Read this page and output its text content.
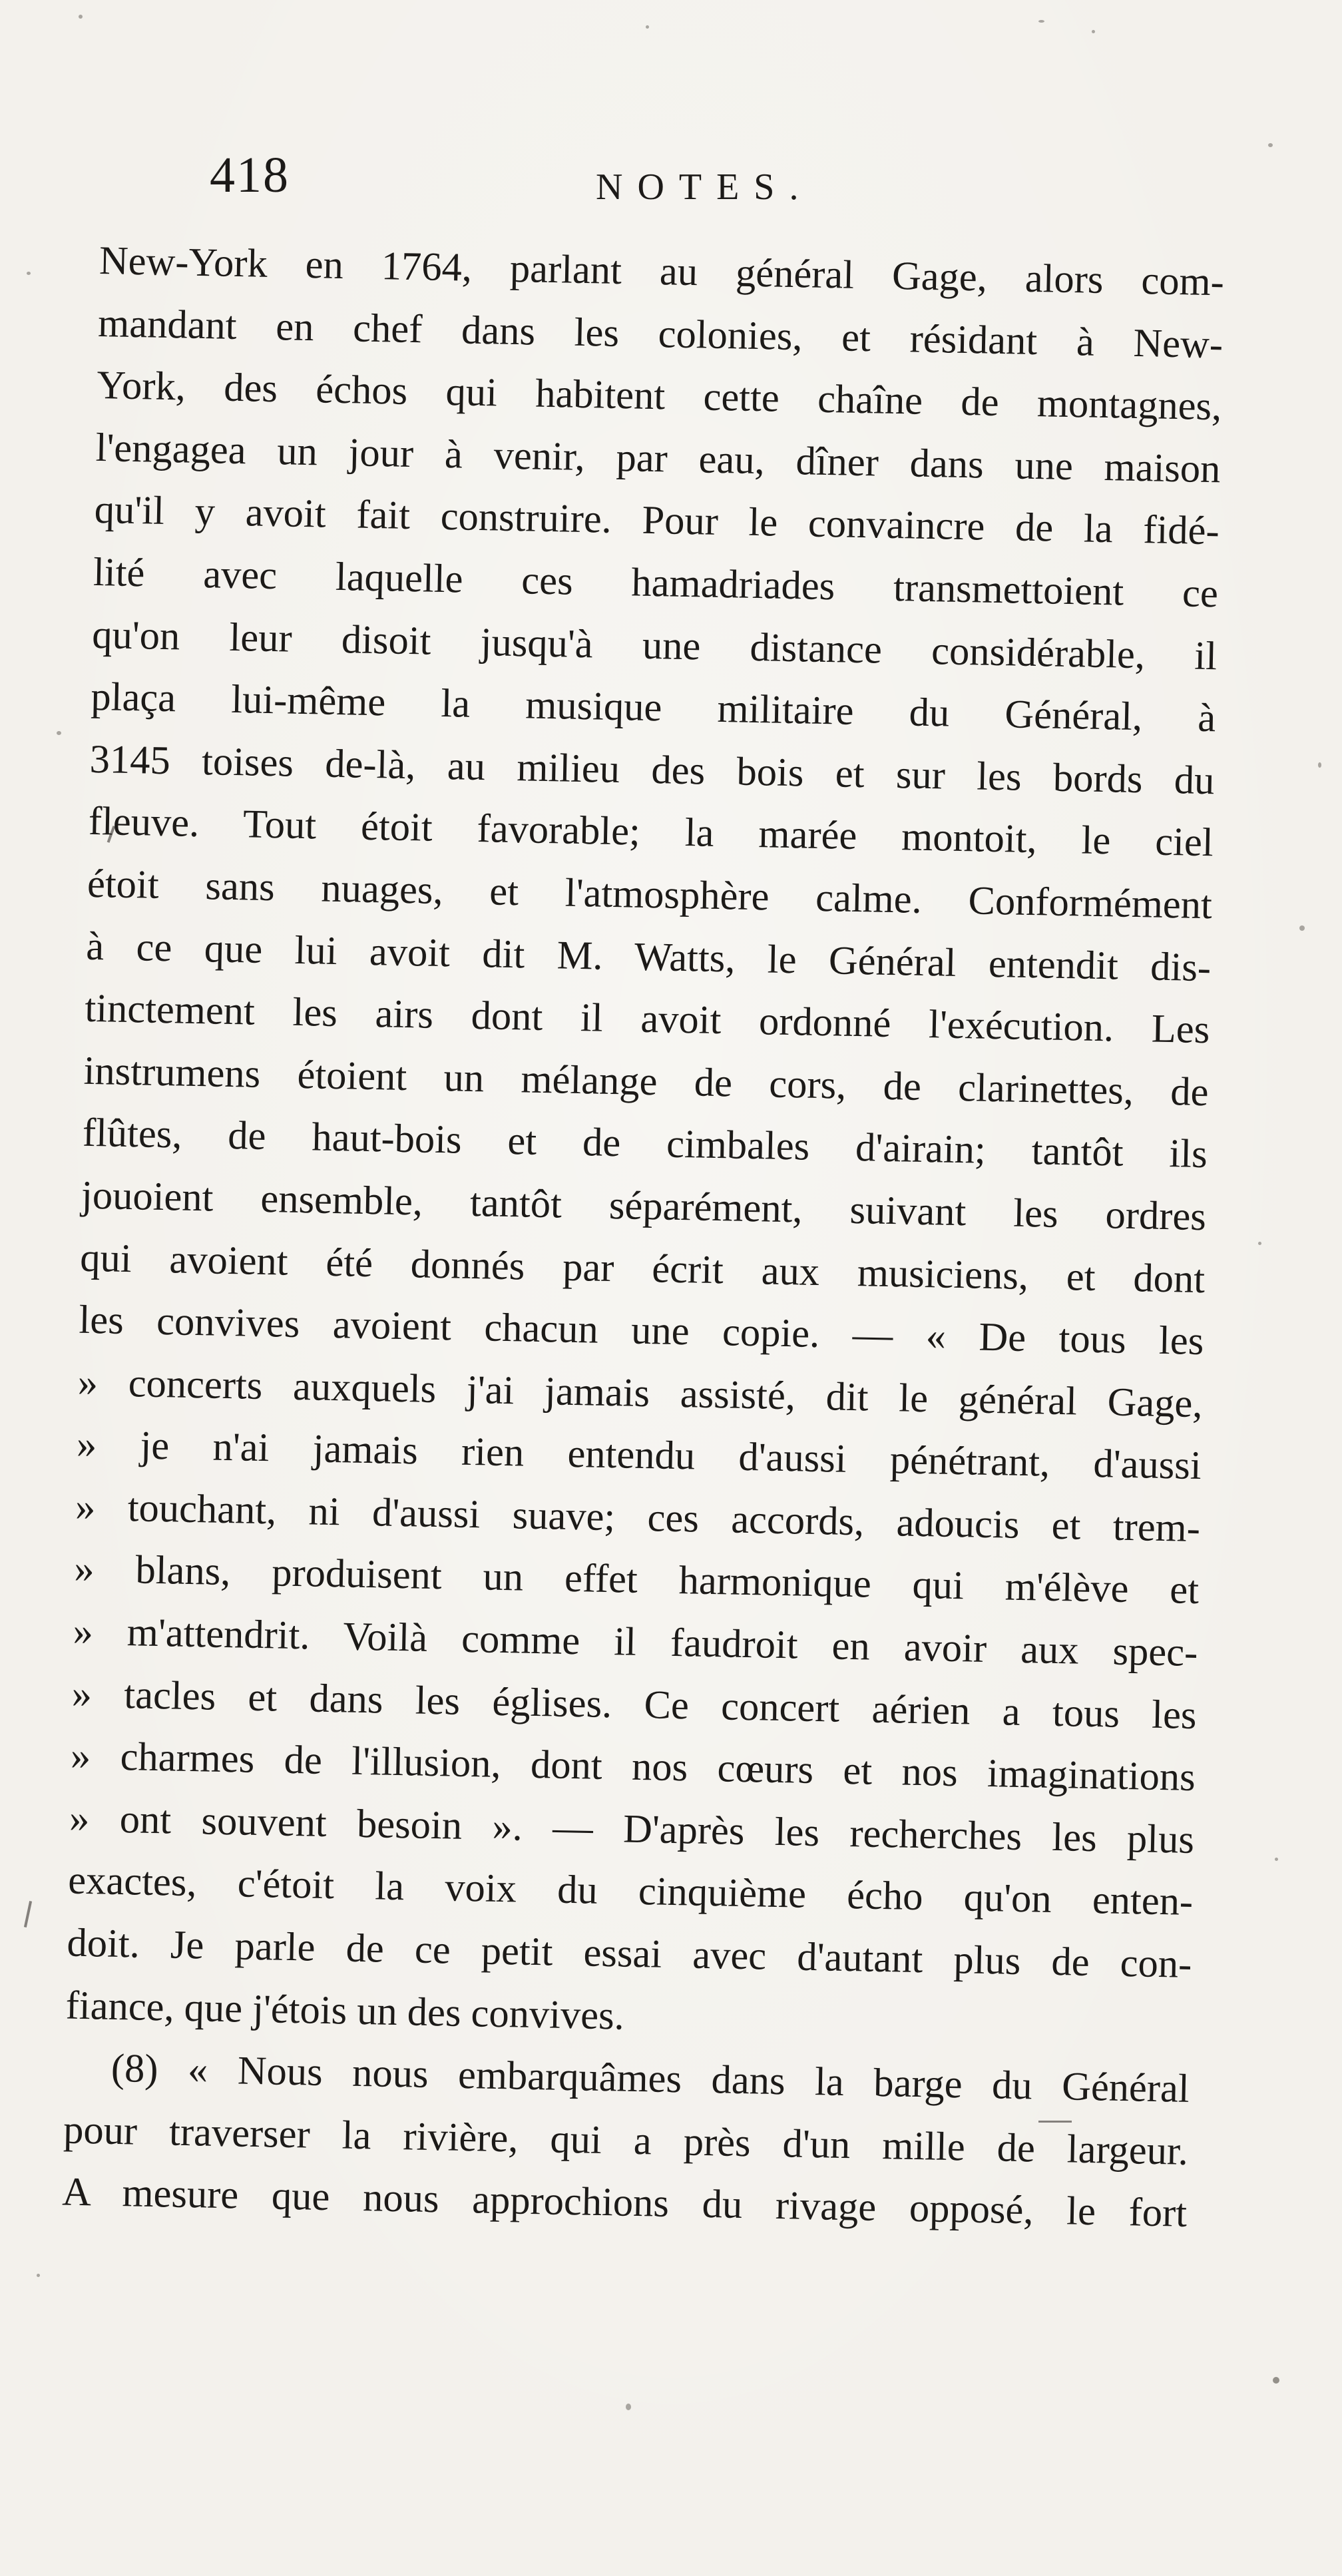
418	NOTES.
New-York en 1764, parlant au général Gage, alors com-
mandant en chef dans les colonies, et résidant à New-
York, des échos qui habitent cette chaîne de montagnes,
l'engagea un jour à venir, par eau, dîner dans une maison
qu'il y avoit fait construire. Pour le convaincre de la fidé-
lité avec laquelle ces hamadriades transmettoient ce
qu'on leur disoit jusqu'à une distance considérable, il
plaça lui-même la musique militaire du Général, à
3145 toises de-là, au milieu des bois et sur les bords du
fleuve. Tout étoit favorable; la marée montoit, le ciel
étoit sans nuages, et l'atmosphère calme. Conformément
à ce que lui avoit dit M. Watts, le Général entendit dis-
tinctement les airs dont il avoit ordonné l'exécution. Les
instrumens étoient un mélange de cors, de clarinettes, de
flûtes, de haut-bois et de cimbales d'airain; tantôt ils
jouoient ensemble, tantôt séparément, suivant les ordres
qui avoient été donnés par écrit aux musiciens, et dont
les convives avoient chacun une copie. — « De tous les
» concerts auxquels j'ai jamais assisté, dit le général Gage,
» je n'ai jamais rien entendu d'aussi pénétrant, d'aussi
» touchant, ni d'aussi suave; ces accords, adoucis et trem-
» blans, produisent un effet harmonique qui m'élève et
» m'attendrit. Voilà comme il faudroit en avoir aux spec-
» tacles et dans les églises. Ce concert aérien a tous les
» charmes de l'illusion, dont nos cœurs et nos imaginations
» ont souvent besoin ». — D'après les recherches les plus
exactes, c'étoit la voix du cinquième écho qu'on enten-
doit. Je parle de ce petit essai avec d'autant plus de con-
fiance, que j'étois un des convives.
(8) « Nous nous embarquâmes dans la barge du Général
pour traverser la rivière, qui a près d'un mille de largeur.
A mesure que nous approchions du rivage opposé, le fort
